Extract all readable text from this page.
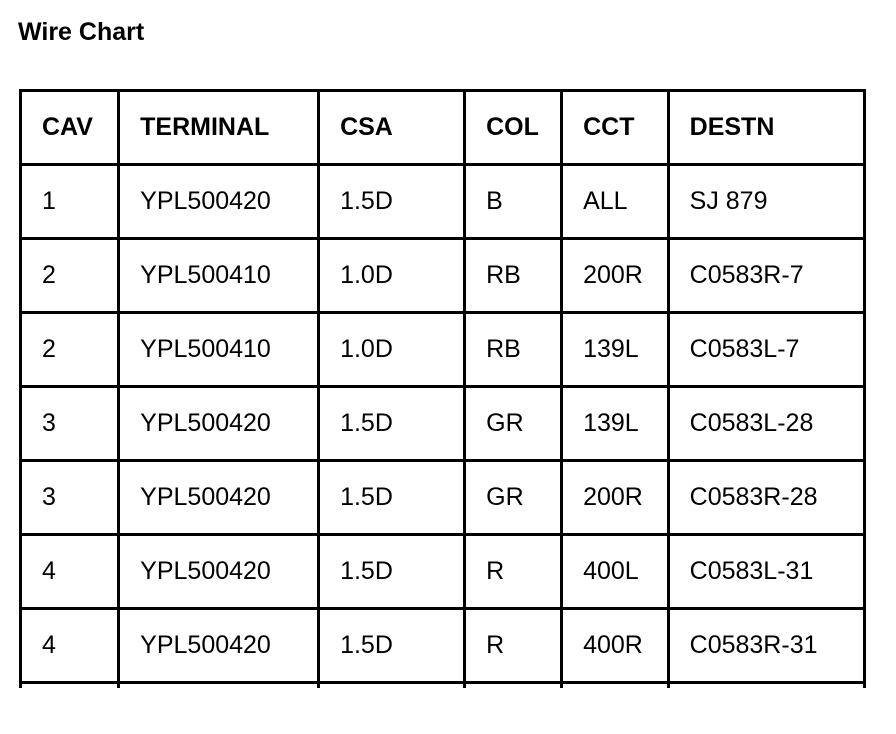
Wire Chart
CAV	TERMINAL	CSA	COL	CCT	DESTN
1	YPL500420	1.5D	B	ALL	SJ 879
2	YPL500410	1.0D	RB	200R	C0583R-7
2	YPL500410	1.0D	RB	139L	C0583L-7
3	YPL500420	1.5D	GR	139L	C0583L-28
3	YPL500420	1.5D	GR	200R	C0583R-28
4	YPL500420	1.5D	R	400L	C0583L-31
4	YPL500420	1.5D	R	400R	C0583R-31
